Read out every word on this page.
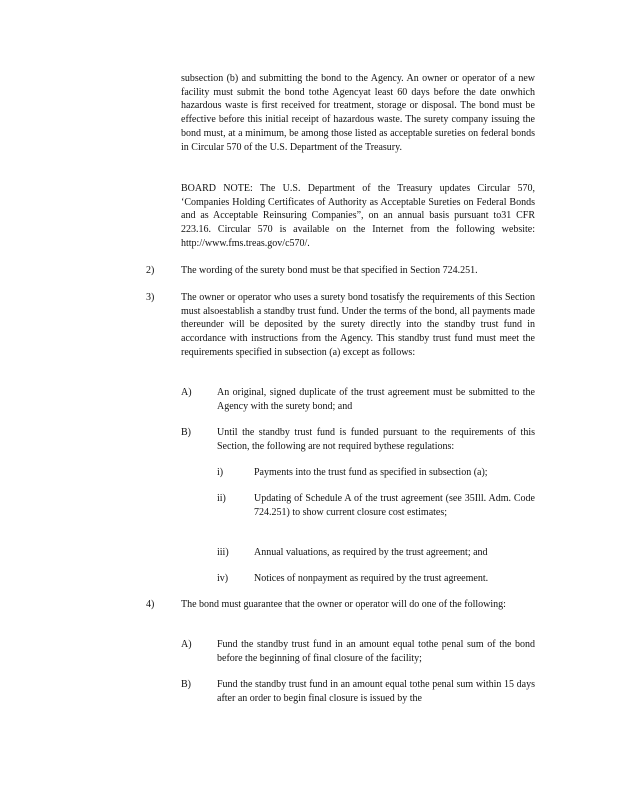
subsection (b) and submitting the bond to the Agency. An owner or operator of a new facility must submit the bond tothe Agencyat least 60 days before the date onwhich hazardous waste is first received for treatment, storage or disposal. The bond must be effective before this initial receipt of hazardous waste. The surety company issuing the bond must, at a minimum, be among those listed as acceptable sureties on federal bonds in Circular 570 of the U.S. Department of the Treasury.

BOARD NOTE: The U.S. Department of the Treasury updates Circular 570, ‘Companies Holding Certificates of Authority as Acceptable Sureties on Federal Bonds and as Acceptable Reinsuring Companies”, on an annual basis pursuant to31 CFR 223.16. Circular 570 is available on the Internet from the following website: http://www.fms.treas.gov/c570/.

2)	The wording of the surety bond must be that specified in Section 724.251.

3)	The owner or operator who uses a surety bond tosatisfy the requirements of this Section must alsoestablish a standby trust fund. Under the terms of the bond, all payments made thereunder will be deposited by the surety directly into the standby trust fund in accordance with instructions from the Agency. This standby trust fund must meet the requirements specified in subsection (a) except as follows:

A)	An original, signed duplicate of the trust agreement must be submitted to the Agency with the surety bond; and

B)	Until the standby trust fund is funded pursuant to the requirements of this Section, the following are not required bythese regulations:

i)	Payments into the trust fund as specified in subsection (a);

ii)	Updating of Schedule A of the trust agreement (see 35Ill. Adm. Code 724.251) to show current closure cost estimates;

iii)	Annual valuations, as required by the trust agreement; and

iv)	Notices of nonpayment as required by the trust agreement.

4)	The bond must guarantee that the owner or operator will do one of the following:

A)	Fund the standby trust fund in an amount equal tothe penal sum of the bond before the beginning of final closure of the facility;

B)	Fund the standby trust fund in an amount equal tothe penal sum within 15 days after an order to begin final closure is issued by the
